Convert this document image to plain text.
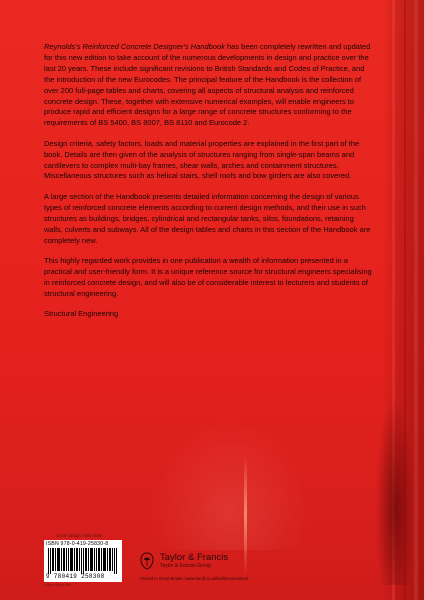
Reynolds's Reinforced Concrete Designer's Handbook has been completely rewritten and updated for this new edition to take account of the numerous developments in design and practice over the last 20 years. These include significant revisions to British Standards and Codes of Practice, and the introduction of the new Eurocodes. The principal feature of the Handbook is the collection of over 200 full-page tables and charts, covering all aspects of structural analysis and reinforced concrete design. These, together with extensive numerical examples, will enable engineers to produce rapid and efficient designs for a large range of concrete structures conforming to the requirements of BS 5400, BS 8007, BS 8110 and Eurocode 2.

Design criteria, safety factors, loads and material properties are explained in the first part of the book. Details are then given of the analysis of structures ranging from single-span beams and cantilevers to complex multi-bay frames, shear walls, arches and containment structures. Miscellaneous structures such as helical stairs, shell roofs and bow girders are also covered.

A large section of the Handbook presents detailed information concerning the design of various types of reinforced concrete elements according to current design methods, and their use in such structures as buildings, bridges, cylindrical and rectangular tanks, silos, foundations, retaining walls, culverts and subways. All of the design tables and charts in this section of the Handbook are completely new.

This highly regarded work provides in one publication a wealth of information presented in a practical and user-friendly form. It is a unique reference source for structural engineers specialising in reinforced concrete design, and will also be of considerable interest to lecturers and students of structural engineering.

Structural Engineering

Cover design: Nick Shah
ISBN 978-0-419-25830-8
9 780419 258308
A Spon Press title
Taylor & Francis
Taylor & Francis Group
Printed in Great Britain | www.tandf.co.uk/builtenvironment
